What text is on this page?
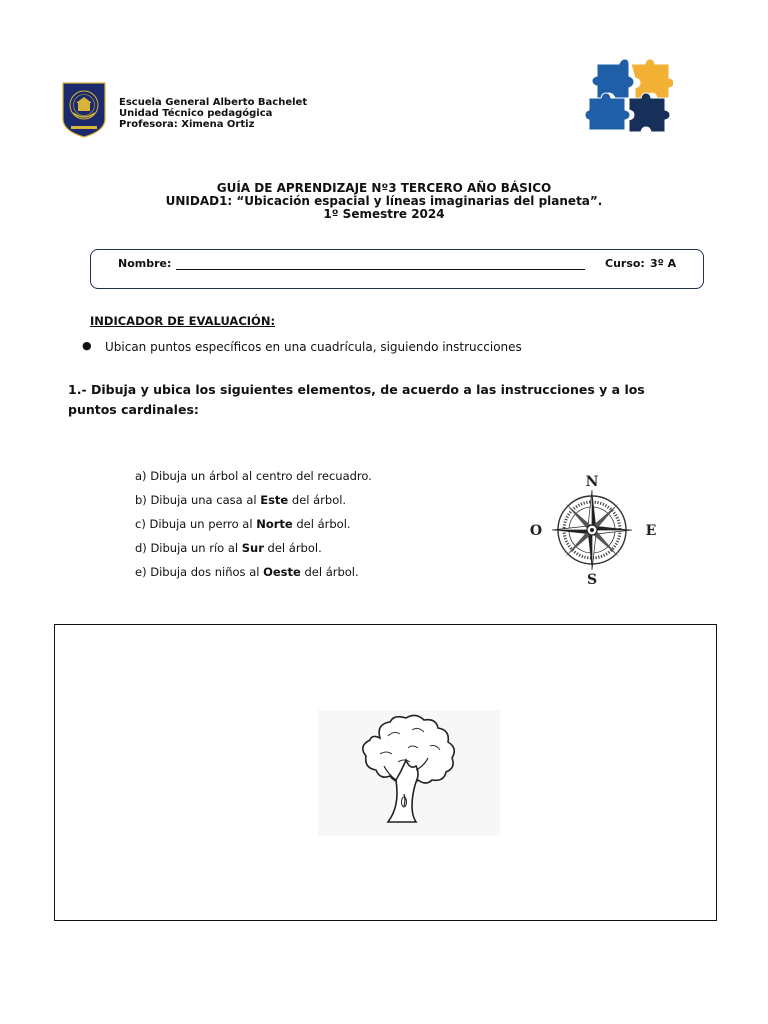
Escuela General Alberto Bachelet
Unidad Técnico pedagógica
Profesora: Ximena Ortiz
GUÍA DE APRENDIZAJE Nº3 TERCERO AÑO BÁSICO
UNIDAD1: “Ubicación espacial y líneas imaginarias del planeta”.
1º Semestre 2024
Nombre:	Curso: 3º A
INDICADOR DE EVALUACIÓN:
● Ubican puntos específicos en una cuadrícula, siguiendo instrucciones
1.- Dibuja y ubica los siguientes elementos, de acuerdo a las instrucciones y a los
puntos cardinales:
a) Dibuja un árbol al centro del recuadro.
b) Dibuja una casa al Este del árbol.
c) Dibuja un perro al Norte del árbol.
d) Dibuja un río al Sur del árbol.
e) Dibuja dos niños al Oeste del árbol.
N
S
E
O
